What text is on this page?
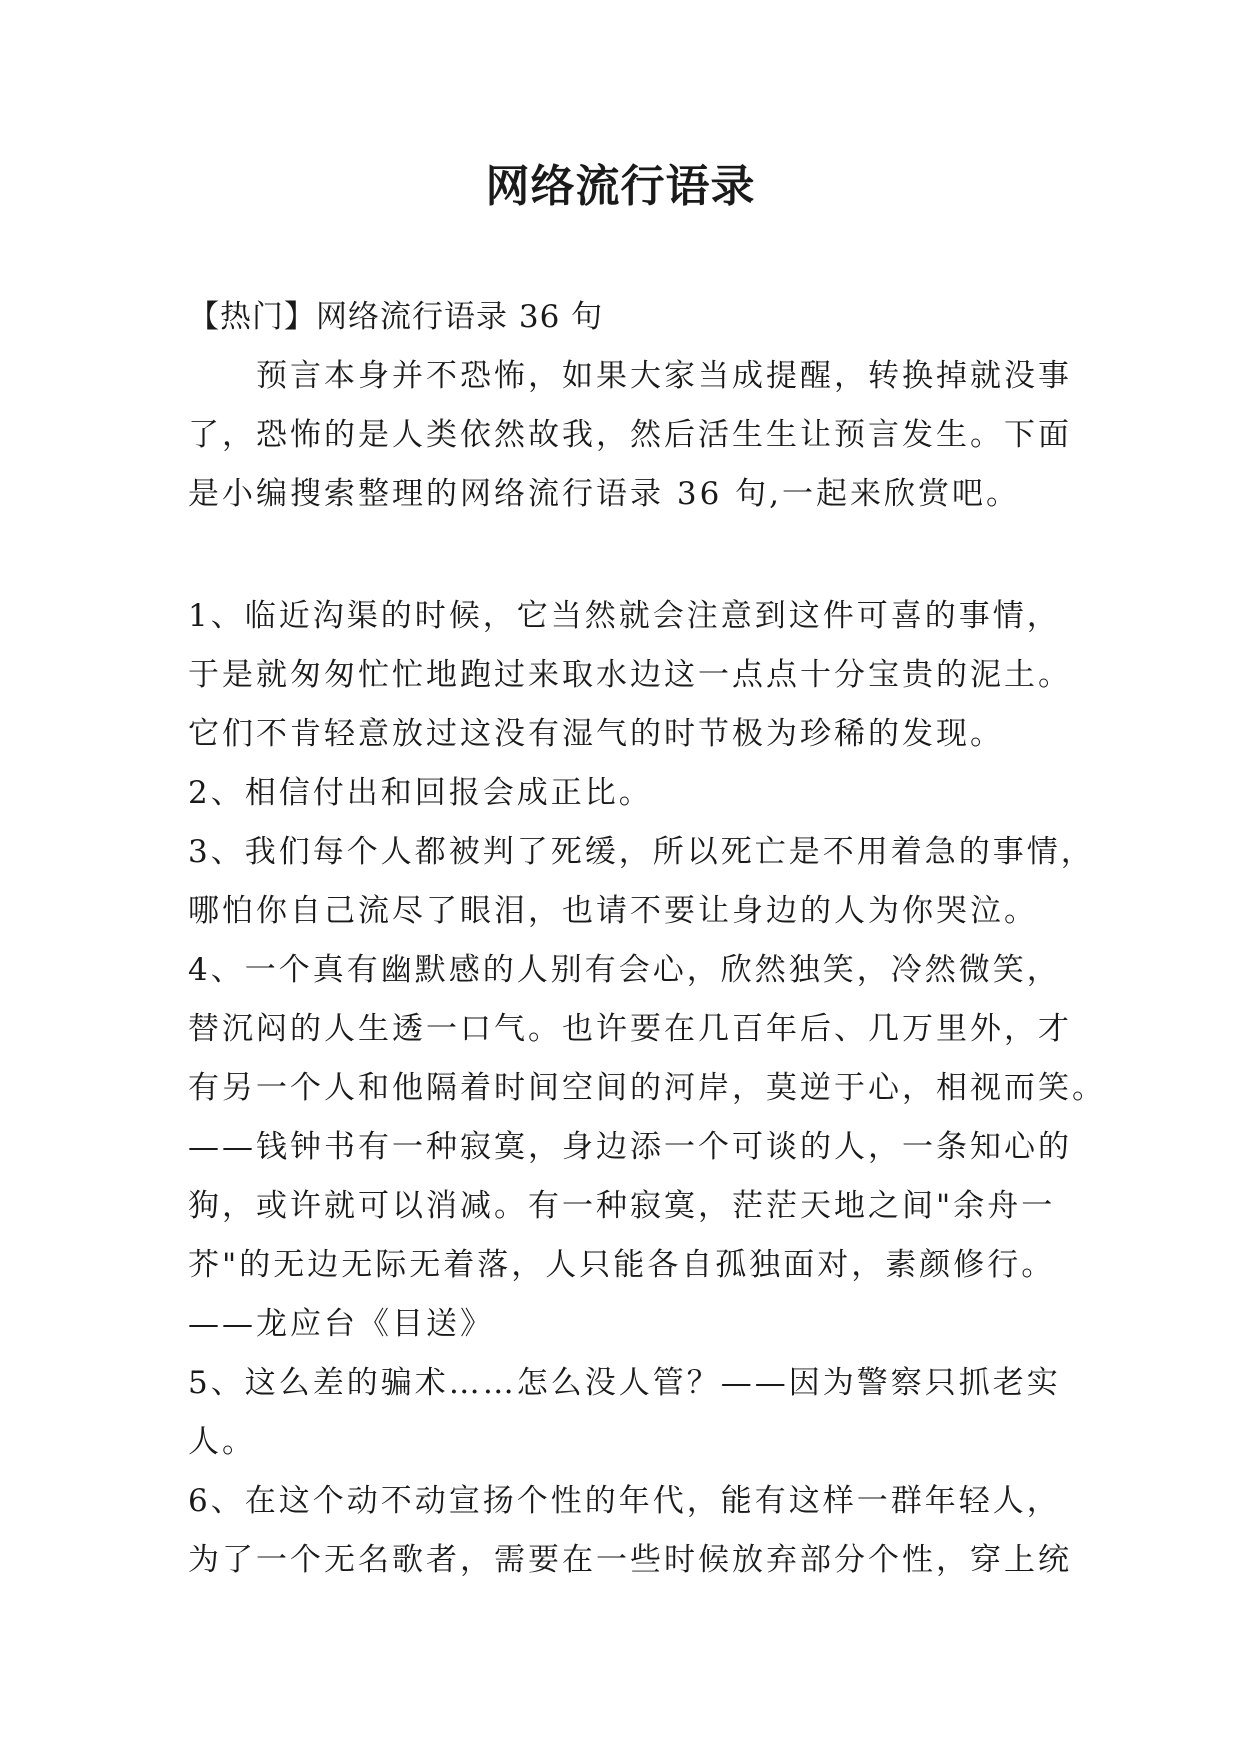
网络流行语录

【热门】网络流行语录 36 句

预言本身并不恐怖，如果大家当成提醒，转换掉就没事

了，恐怖的是人类依然故我，然后活生生让预言发生。下面

是小编搜索整理的网络流行语录 36 句,一起来欣赏吧。

1、临近沟渠的时候，它当然就会注意到这件可喜的事情，

于是就匆匆忙忙地跑过来取水边这一点点十分宝贵的泥土。

它们不肯轻意放过这没有湿气的时节极为珍稀的发现。

2、相信付出和回报会成正比。

3、我们每个人都被判了死缓，所以死亡是不用着急的事情，

哪怕你自己流尽了眼泪，也请不要让身边的人为你哭泣。

4、一个真有幽默感的人别有会心，欣然独笑，冷然微笑，

替沉闷的人生透一口气。也许要在几百年后、几万里外，才

有另一个人和他隔着时间空间的河岸，莫逆于心，相视而笑。

——钱钟书有一种寂寞，身边添一个可谈的人，一条知心的

狗，或许就可以消减。有一种寂寞，茫茫天地之间"余舟一

芥"的无边无际无着落，人只能各自孤独面对，素颜修行。

——龙应台《目送》

5、这么差的骗术……怎么没人管？——因为警察只抓老实

人。

6、在这个动不动宣扬个性的年代，能有这样一群年轻人，

为了一个无名歌者，需要在一些时候放弃部分个性，穿上统
